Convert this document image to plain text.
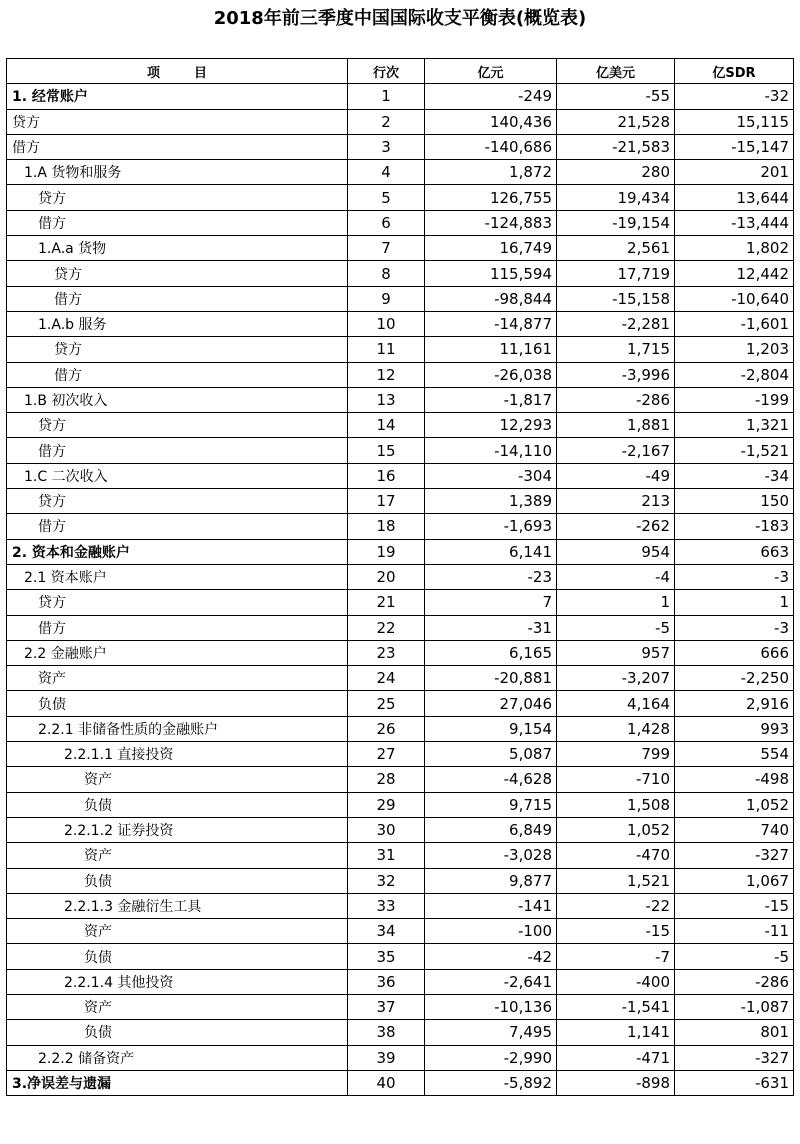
2018年前三季度中国国际收支平衡表(概览表)
项 目	行次	亿元	亿美元	亿SDR
1. 经常账户	1	-249	-55	-32
贷方	2	140,436	21,528	15,115
借方	3	-140,686	-21,583	-15,147
1.A 货物和服务	4	1,872	280	201
贷方	5	126,755	19,434	13,644
借方	6	-124,883	-19,154	-13,444
1.A.a 货物	7	16,749	2,561	1,802
贷方	8	115,594	17,719	12,442
借方	9	-98,844	-15,158	-10,640
1.A.b 服务	10	-14,877	-2,281	-1,601
贷方	11	11,161	1,715	1,203
借方	12	-26,038	-3,996	-2,804
1.B 初次收入	13	-1,817	-286	-199
贷方	14	12,293	1,881	1,321
借方	15	-14,110	-2,167	-1,521
1.C 二次收入	16	-304	-49	-34
贷方	17	1,389	213	150
借方	18	-1,693	-262	-183
2. 资本和金融账户	19	6,141	954	663
2.1 资本账户	20	-23	-4	-3
贷方	21	7	1	1
借方	22	-31	-5	-3
2.2 金融账户	23	6,165	957	666
资产	24	-20,881	-3,207	-2,250
负债	25	27,046	4,164	2,916
2.2.1 非储备性质的金融账户	26	9,154	1,428	993
2.2.1.1 直接投资	27	5,087	799	554
资产	28	-4,628	-710	-498
负债	29	9,715	1,508	1,052
2.2.1.2 证券投资	30	6,849	1,052	740
资产	31	-3,028	-470	-327
负债	32	9,877	1,521	1,067
2.2.1.3 金融衍生工具	33	-141	-22	-15
资产	34	-100	-15	-11
负债	35	-42	-7	-5
2.2.1.4 其他投资	36	-2,641	-400	-286
资产	37	-10,136	-1,541	-1,087
负债	38	7,495	1,141	801
2.2.2 储备资产	39	-2,990	-471	-327
3.净误差与遗漏	40	-5,892	-898	-631
